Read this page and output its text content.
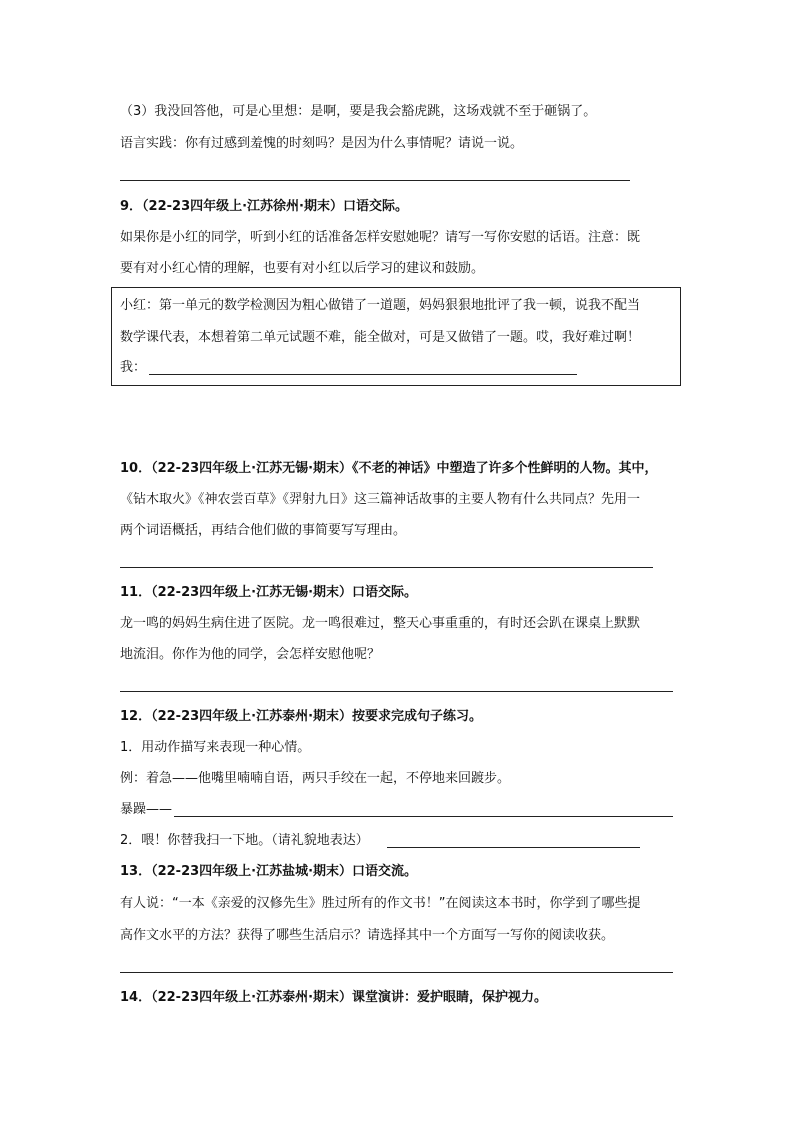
（3）我没回答他，可是心里想：是啊，要是我会豁虎跳，这场戏就不至于砸锅了。
语言实践：你有过感到羞愧的时刻吗？是因为什么事情呢？请说一说。
9．（22-23四年级上·江苏徐州·期末）口语交际。
如果你是小红的同学，听到小红的话准备怎样安慰她呢？请写一写你安慰的话语。注意：既
要有对小红心情的理解，也要有对小红以后学习的建议和鼓励。
小红：第一单元的数学检测因为粗心做错了一道题，妈妈狠狠地批评了我一顿，说我不配当
数学课代表，本想着第二单元试题不难，能全做对，可是又做错了一题。哎，我好难过啊！
我：
10．（22-23四年级上·江苏无锡·期末）《不老的神话》中塑造了许多个性鲜明的人物。其中，
《钻木取火》《神农尝百草》《羿射九日》这三篇神话故事的主要人物有什么共同点？先用一
两个词语概括，再结合他们做的事简要写写理由。
11．（22-23四年级上·江苏无锡·期末）口语交际。
龙一鸣的妈妈生病住进了医院。龙一鸣很难过，整天心事重重的，有时还会趴在课桌上默默
地流泪。你作为他的同学，会怎样安慰他呢？
12．（22-23四年级上·江苏泰州·期末）按要求完成句子练习。
1．用动作描写来表现一种心情。
例：着急——他嘴里喃喃自语，两只手绞在一起，不停地来回踱步。
暴躁——
2．喂！你替我扫一下地。（请礼貌地表达）
13．（22-23四年级上·江苏盐城·期末）口语交流。
有人说：“一本《亲爱的汉修先生》胜过所有的作文书！”在阅读这本书时，你学到了哪些提
高作文水平的方法？获得了哪些生活启示？请选择其中一个方面写一写你的阅读收获。
14．（22-23四年级上·江苏泰州·期末）课堂演讲：爱护眼睛，保护视力。
